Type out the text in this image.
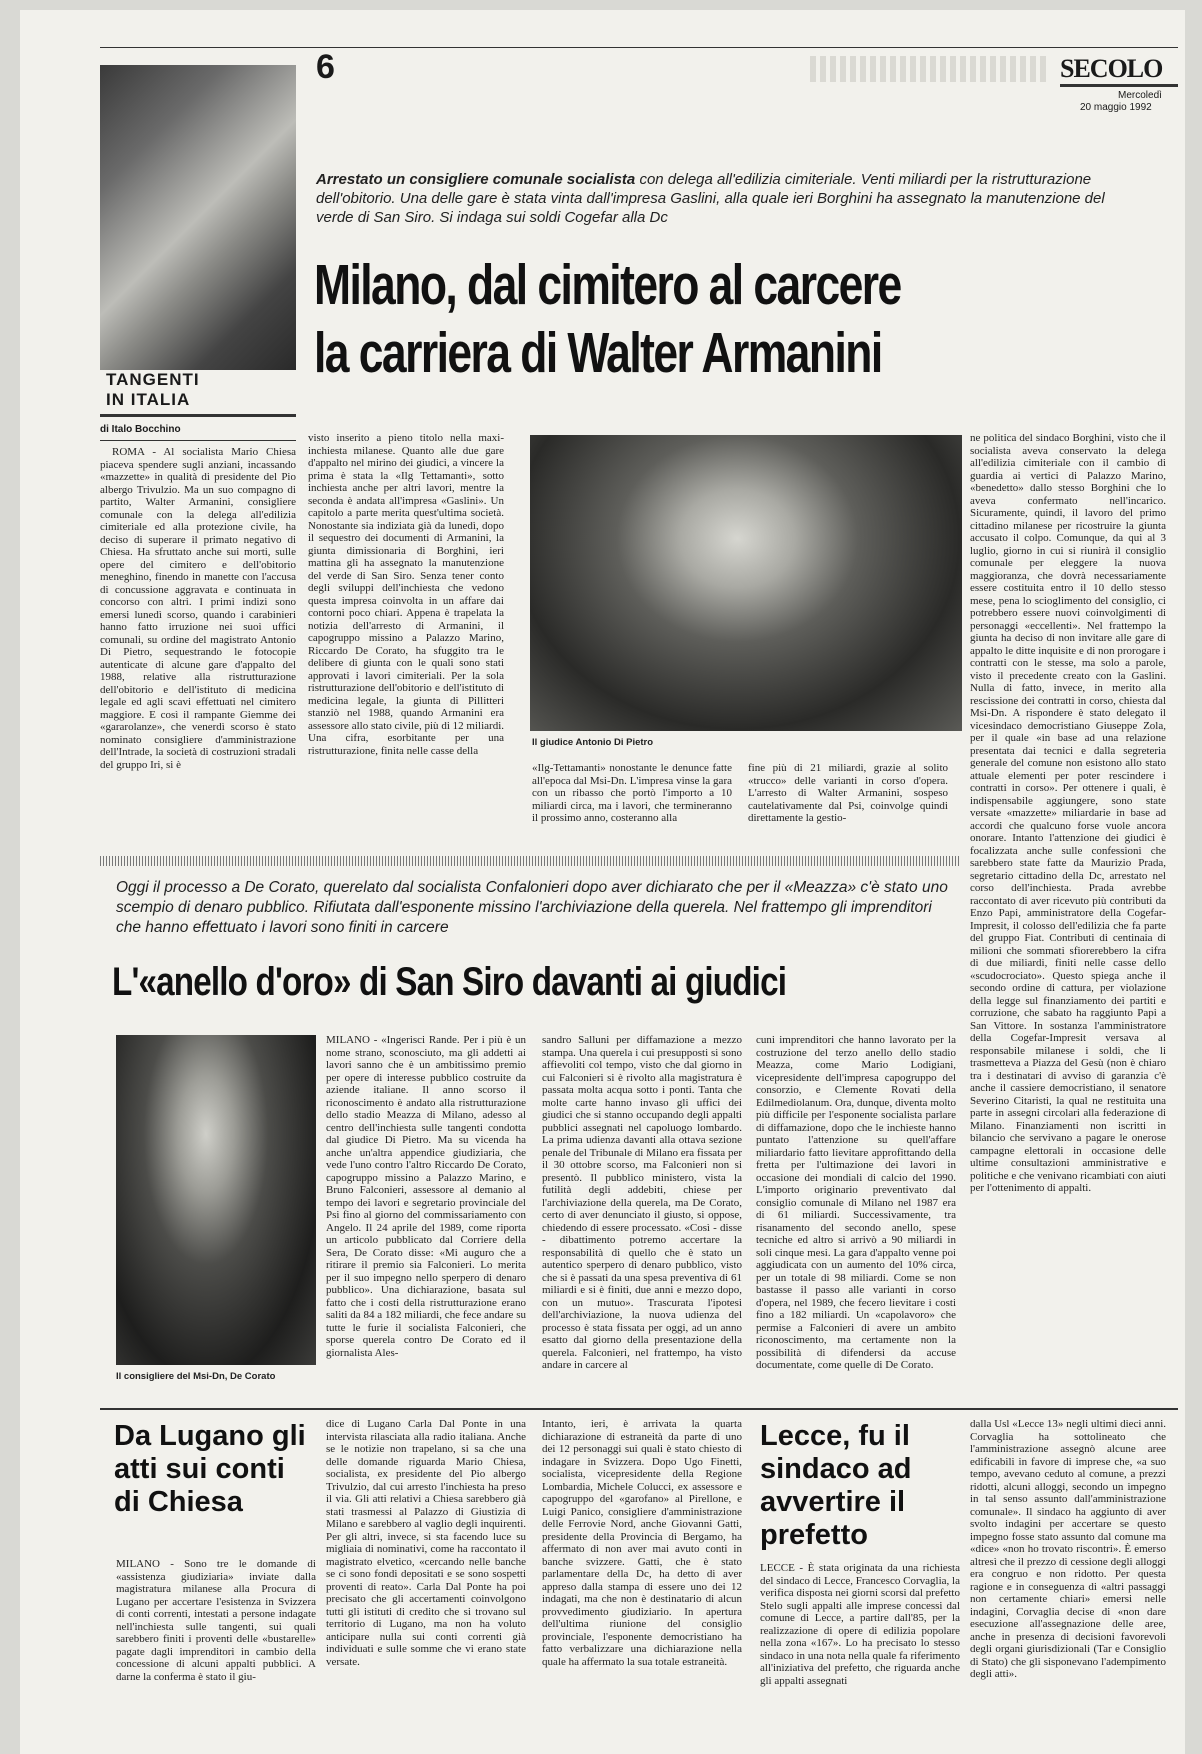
6	SECOLO
Mercoledì
20 maggio 1992
TANGENTI
IN ITALIA
Arrestato un consigliere comunale socialista con delega all'edilizia cimiteriale. Venti miliardi per la ristrutturazione dell'obitorio. Una delle gare è stata vinta dall'impresa Gaslini, alla quale ieri Borghini ha assegnato la manutenzione del verde di San Siro. Si indaga sui soldi Cogefar alla Dc
Milano, dal cimitero al carcere
la carriera di Walter Armanini
di Italo Bocchino

ROMA - Al socialista Mario Chiesa piaceva spendere sugli anziani, incassando «mazzette» in qualità di presidente del Pio albergo Trivulzio. Ma un suo compagno di partito, Walter Armanini, consigliere comunale con la delega all'edilizia cimiteriale ed alla protezione civile, ha deciso di superare il primato negativo di Chiesa. Ha sfruttato anche sui morti, sulle opere del cimitero e dell'obitorio meneghino, finendo in manette con l'accusa di concussione aggravata e continuata in concorso con altri. I primi indizi sono emersi lunedì scorso, quando i carabinieri hanno fatto irruzione nei suoi uffici comunali, su ordine del magistrato Antonio Di Pietro, sequestrando le fotocopie autenticate di alcune gare d'appalto del 1988, relative alla ristrutturazione dell'obitorio e dell'istituto di medicina legale ed agli scavi effettuati nel cimitero maggiore. E così il rampante Giemme dei «gararolanze», che venerdì scorso è stato nominato consigliere d'amministrazione dell'Intrade, la società di costruzioni stradali del gruppo Iri, si è

visto inserito a pieno titolo nella maxi-inchiesta milanese. Quanto alle due gare d'appalto nel mirino dei giudici, a vincere la prima è stata la «Ilg Tettamanti», sotto inchiesta anche per altri lavori, mentre la seconda è andata all'impresa «Gaslini». Un capitolo a parte merita quest'ultima società. Nonostante sia indiziata già da lunedì, dopo il sequestro dei documenti di Armanini, la giunta dimissionaria di Borghini, ieri mattina gli ha assegnato la manutenzione del verde di San Siro. Senza tener conto degli sviluppi dell'inchiesta che vedono questa impresa coinvolta in un affare dai contorni poco chiari. Appena è trapelata la notizia dell'arresto di Armanini, il capogruppo missino a Palazzo Marino, Riccardo De Corato, ha sfuggito tra le delibere di giunta con le quali sono stati approvati i lavori cimiteriali. Per la sola ristrutturazione dell'obitorio e dell'istituto di medicina legale, la giunta di Pillitteri stanziò nel 1988, quando Armanini era assessore allo stato civile, più di 12 miliardi. Una cifra, esorbitante per una ristrutturazione, finita nelle casse della

Il giudice Antonio Di Pietro

«Ilg-Tettamanti» nonostante le denunce fatte all'epoca dal Msi-Dn. L'impresa vinse la gara con un ribasso che portò l'importo a 10 miliardi circa, ma i lavori, che termineranno il prossimo anno, costeranno alla

fine più di 21 miliardi, grazie al solito «trucco» delle varianti in corso d'opera. L'arresto di Walter Armanini, sospeso cautelativamente dal Psi, coinvolge quindi direttamente la gestio-

ne politica del sindaco Borghini, visto che il socialista aveva conservato la delega all'edilizia cimiteriale con il cambio di guardia ai vertici di Palazzo Marino, «benedetto» dallo stesso Borghini che lo aveva confermato nell'incarico. Sicuramente, quindi, il lavoro del primo cittadino milanese per ricostruire la giunta accusato il colpo. Comunque, da qui al 3 luglio, giorno in cui si riunirà il consiglio comunale per eleggere la nuova maggioranza, che dovrà necessariamente essere costituita entro il 10 dello stesso mese, pena lo scioglimento del consiglio, ci potrebbero essere nuovi coinvolgimenti di personaggi «eccellenti». Nel frattempo la giunta ha deciso di non invitare alle gare di appalto le ditte inquisite e di non prorogare i contratti con le stesse, ma solo a parole, visto il precedente creato con la Gaslini. Nulla di fatto, invece, in merito alla rescissione dei contratti in corso, chiesta dal Msi-Dn. A rispondere è stato delegato il vicesindaco democristiano Giuseppe Zola, per il quale «in base ad una relazione presentata dai tecnici e dalla segreteria generale del comune non esistono allo stato attuale elementi per poter rescindere i contratti in corso». Per ottenere i quali, è indispensabile aggiungere, sono state versate «mazzette» miliardarie in base ad accordi che qualcuno forse vuole ancora onorare. Intanto l'attenzione dei giudici è focalizzata anche sulle confessioni che sarebbero state fatte da Maurizio Prada, segretario cittadino della Dc, arrestato nel corso dell'inchiesta. Prada avrebbe raccontato di aver ricevuto più contributi da Enzo Papi, amministratore della Cogefar-Impresit, il colosso dell'edilizia che fa parte del gruppo Fiat. Contributi di centinaia di milioni che sommati sfiorerebbero la cifra di due miliardi, finiti nelle casse dello «scudocrociato». Questo spiega anche il secondo ordine di cattura, per violazione della legge sul finanziamento dei partiti e corruzione, che sabato ha raggiunto Papi a San Vittore. In sostanza l'amministratore della Cogefar-Impresit versava al responsabile milanese i soldi, che li trasmetteva a Piazza del Gesù (non è chiaro tra i destinatari di avviso di garanzia c'è anche il cassiere democristiano, il senatore Severino Citaristi, la qual ne restituita una parte in assegni circolari alla federazione di Milano. Finanziamenti non iscritti in bilancio che servivano a pagare le onerose campagne elettorali in occasione delle ultime consultazioni amministrative e politiche e che venivano ricambiati con aiuti per l'ottenimento di appalti.

Oggi il processo a De Corato, querelato dal socialista Confalonieri dopo aver dichiarato che per il «Meazza» c'è stato uno scempio di denaro pubblico. Rifiutata dall'esponente missino l'archiviazione della querela. Nel frattempo gli imprenditori che hanno effettuato i lavori sono finiti in carcere
L'«anello d'oro» di San Siro davanti ai giudici
Il consigliere del Msi-Dn, De Corato

MILANO - «Ingerisci Rande. Per i più è un nome strano, sconosciuto, ma gli addetti ai lavori sanno che è un ambitissimo premio per opere di interesse pubblico costruite da aziende italiane. Il anno scorso il riconoscimento è andato alla ristrutturazione dello stadio Meazza di Milano, adesso al centro dell'inchiesta sulle tangenti condotta dal giudice Di Pietro. Ma su vicenda ha anche un'altra appendice giudiziaria, che vede l'uno contro l'altro Riccardo De Corato, capogruppo missino a Palazzo Marino, e Bruno Falconieri, assessore al demanio al tempo dei lavori e segretario provinciale del Psi fino al giorno del commissariamento con Angelo. Il 24 aprile del 1989, come riporta un articolo pubblicato dal Corriere della Sera, De Corato disse: «Mi auguro che a ritirare il premio sia Falconieri. Lo merita per il suo impegno nello sperpero di denaro pubblico». Una dichiarazione, basata sul fatto che i costi della ristrutturazione erano saliti da 84 a 182 miliardi, che fece andare su tutte le furie il socialista Falconieri, che sporse querela contro De Corato ed il giornalista Ales-

sandro Salluni per diffamazione a mezzo stampa. Una querela i cui presupposti si sono affievoliti col tempo, visto che dal giorno in cui Falconieri si è rivolto alla magistratura è passata molta acqua sotto i ponti. Tanta che molte carte hanno invaso gli uffici dei giudici che si stanno occupando degli appalti pubblici assegnati nel capoluogo lombardo. La prima udienza davanti alla ottava sezione penale del Tribunale di Milano era fissata per il 30 ottobre scorso, ma Falconieri non si presentò. Il pubblico ministero, vista la futilità degli addebiti, chiese per l'archiviazione della querela, ma De Corato, certo di aver denunciato il giusto, si oppose, chiedendo di essere processato. «Così - disse - dibattimento potremo accertare la responsabilità di quello che è stato un autentico sperpero di denaro pubblico, visto che si è passati da una spesa preventiva di 61 miliardi e si è finiti, due anni e mezzo dopo, con un mutuo». Trascurata l'ipotesi dell'archiviazione, la nuova udienza del processo è stata fissata per oggi, ad un anno esatto dal giorno della presentazione della querela. Falconieri, nel frattempo, ha visto andare in carcere al

cuni imprenditori che hanno lavorato per la costruzione del terzo anello dello stadio Meazza, come Mario Lodigiani, vicepresidente dell'impresa capogruppo del consorzio, e Clemente Rovati della Edilmediolanum. Ora, dunque, diventa molto più difficile per l'esponente socialista parlare di diffamazione, dopo che le inchieste hanno puntato l'attenzione su quell'affare miliardario fatto lievitare approfittando della fretta per l'ultimazione dei lavori in occasione dei mondiali di calcio del 1990. L'importo originario preventivato dal consiglio comunale di Milano nel 1987 era di 61 miliardi. Successivamente, tra risanamento del secondo anello, spese tecniche ed altro si arrivò a 90 miliardi in soli cinque mesi. La gara d'appalto venne poi aggiudicata con un aumento del 10% circa, per un totale di 98 miliardi. Come se non bastasse il passo alle varianti in corso d'opera, nel 1989, che fecero lievitare i costi fino a 182 miliardi. Un «capolavoro» che permise a Falconieri di avere un ambito riconoscimento, ma certamente non la possibilità di difendersi da accuse documentate, come quelle di De Corato.

Da Lugano gli atti sui conti di Chiesa

MILANO - Sono tre le domande di «assistenza giudiziaria» inviate dalla magistratura milanese alla Procura di Lugano per accertare l'esistenza in Svizzera di conti correnti, intestati a persone indagate nell'inchiesta sulle tangenti, sui quali sarebbero finiti i proventi delle «bustarelle» pagate dagli imprenditori in cambio della concessione di alcuni appalti pubblici. A darne la conferma è stato il giu-

dice di Lugano Carla Dal Ponte in una intervista rilasciata alla radio italiana. Anche se le notizie non trapelano, si sa che una delle domande riguarda Mario Chiesa, socialista, ex presidente del Pio albergo Trivulzio, dal cui arresto l'inchiesta ha preso il via. Gli atti relativi a Chiesa sarebbero già stati trasmessi al Palazzo di Giustizia di Milano e sarebbero al vaglio degli inquirenti. Per gli altri, invece, si sta facendo luce su migliaia di nominativi, come ha raccontato il magistrato elvetico, «cercando nelle banche se ci sono fondi depositati e se sono sospetti proventi di reato». Carla Dal Ponte ha poi precisato che gli accertamenti coinvolgono tutti gli istituti di credito che si trovano sul territorio di Lugano, ma non ha voluto anticipare nulla sui conti correnti già individuati e sulle somme che vi erano state versate.

Intanto, ieri, è arrivata la quarta dichiarazione di estraneità da parte di uno dei 12 personaggi sui quali è stato chiesto di indagare in Svizzera. Dopo Ugo Finetti, socialista, vicepresidente della Regione Lombardia, Michele Colucci, ex assessore e capogruppo del «garofano» al Pirellone, e Luigi Panico, consigliere d'amministrazione delle Ferrovie Nord, anche Giovanni Gatti, presidente della Provincia di Bergamo, ha affermato di non aver mai avuto conti in banche svizzere. Gatti, che è stato parlamentare della Dc, ha detto di aver appreso dalla stampa di essere uno dei 12 indagati, ma che non è destinatario di alcun provvedimento giudiziario. In apertura dell'ultima riunione del consiglio provinciale, l'esponente democristiano ha fatto verbalizzare una dichiarazione nella quale ha affermato la sua totale estraneità.

Lecce, fu il sindaco ad avvertire il prefetto

LECCE - È stata originata da una richiesta del sindaco di Lecce, Francesco Corvaglia, la verifica disposta nei giorni scorsi dal prefetto Stelo sugli appalti alle imprese concessi dal comune di Lecce, a partire dall'85, per la realizzazione di opere di edilizia popolare nella zona «167». Lo ha precisato lo stesso sindaco in una nota nella quale fa riferimento all'iniziativa del prefetto, che riguarda anche gli appalti assegnati

dalla Usl «Lecce 13» negli ultimi dieci anni. Corvaglia ha sottolineato che l'amministrazione assegnò alcune aree edificabili in favore di imprese che, «a suo tempo, avevano ceduto al comune, a prezzi ridotti, alcuni alloggi, secondo un impegno in tal senso assunto dall'amministrazione comunale». Il sindaco ha aggiunto di aver svolto indagini per accertare se questo impegno fosse stato assunto dal comune ma «dice» «non ho trovato riscontri». È emerso altresì che il prezzo di cessione degli alloggi era congruo e non ridotto. Per questa ragione e in conseguenza di «altri passaggi non certamente chiari» emersi nelle indagini, Corvaglia decise di «non dare esecuzione all'assegnazione delle aree, anche in presenza di decisioni favorevoli degli organi giurisdizionali (Tar e Consiglio di Stato) che gli sisponevano l'adempimento degli atti».
